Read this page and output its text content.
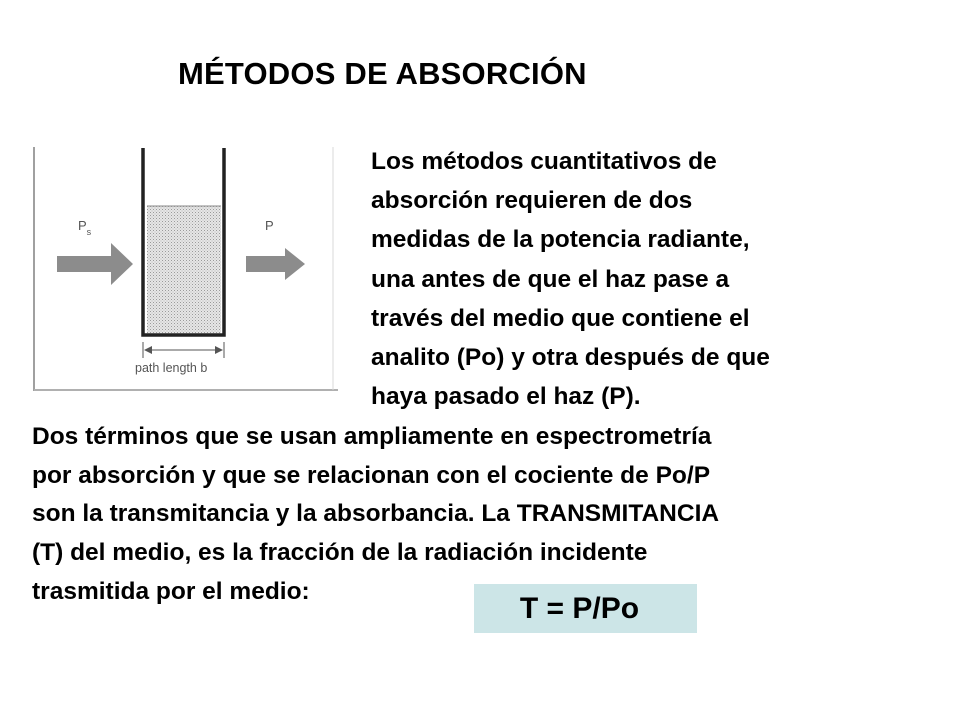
MÉTODOS DE ABSORCIÓN
$P_s$	P
path length b

Los métodos cuantitativos de
absorción requieren de dos
medidas de la potencia radiante,
una antes de que el haz pase a
través del medio que contiene el
analito (Po) y otra después de que
haya pasado el haz (P).

Dos términos que se usan ampliamente en espectrometría
por absorción y que se relacionan con el cociente de Po/P
son la transmitancia y la absorbancia. La TRANSMITANCIA
(T) del medio, es la fracción de la radiación incidente
trasmitida por el medio:

T = P/Po
